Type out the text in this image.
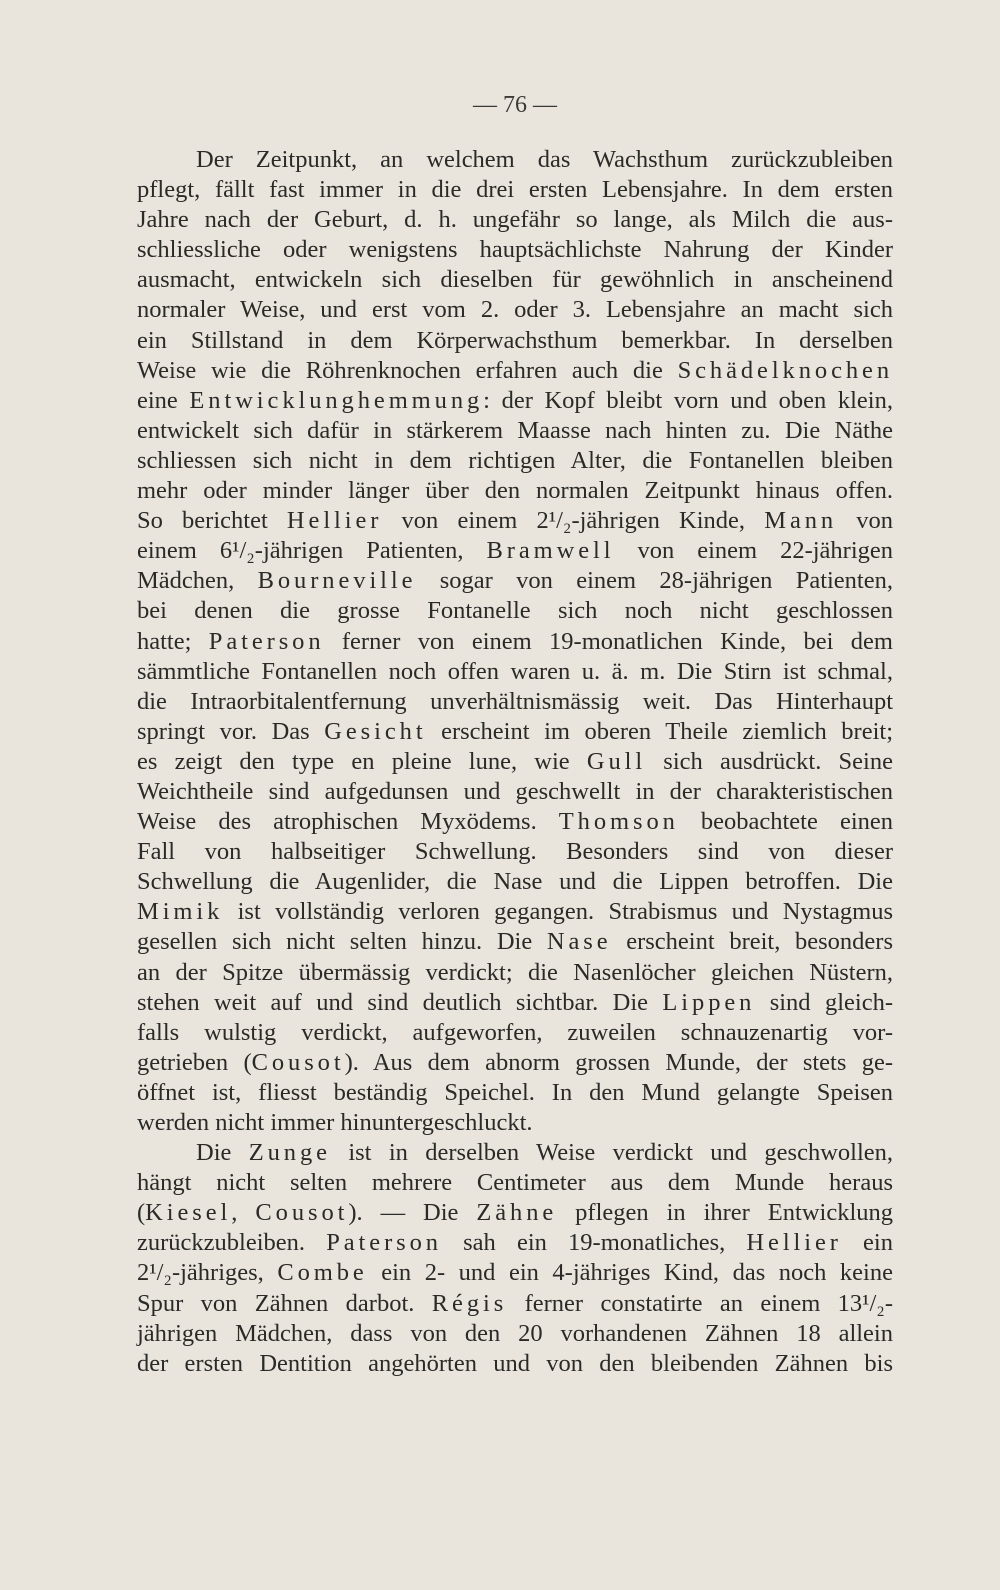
— 76 —
Der Zeitpunkt, an welchem das Wachsthum zurückzubleiben
pflegt, fällt fast immer in die drei ersten Lebensjahre. In dem ersten
Jahre nach der Geburt, d. h. ungefähr so lange, als Milch die aus-
schliessliche oder wenigstens hauptsächlichste Nahrung der Kinder
ausmacht, entwickeln sich dieselben für gewöhnlich in anscheinend
normaler Weise, und erst vom 2. oder 3. Lebensjahre an macht sich
ein Stillstand in dem Körperwachsthum bemerkbar. In derselben
Weise wie die Röhrenknochen erfahren auch die Schädelknochen
eine Entwicklunghemmung: der Kopf bleibt vorn und oben klein,
entwickelt sich dafür in stärkerem Maasse nach hinten zu. Die Näthe
schliessen sich nicht in dem richtigen Alter, die Fontanellen bleiben
mehr oder minder länger über den normalen Zeitpunkt hinaus offen.
So berichtet Hellier von einem 2¹/₂-jährigen Kinde, Mann von
einem 6¹/₂-jährigen Patienten, Bramwell von einem 22-jährigen
Mädchen, Bourneville sogar von einem 28-jährigen Patienten,
bei denen die grosse Fontanelle sich noch nicht geschlossen
hatte; Paterson ferner von einem 19-monatlichen Kinde, bei dem
sämmtliche Fontanellen noch offen waren u. ä. m. Die Stirn ist schmal,
die Intraorbitalentfernung unverhältnismässig weit. Das Hinterhaupt
springt vor. Das Gesicht erscheint im oberen Theile ziemlich breit;
es zeigt den type en pleine lune, wie Gull sich ausdrückt. Seine
Weichtheile sind aufgedunsen und geschwellt in der charakteristischen
Weise des atrophischen Myxödems. Thomson beobachtete einen
Fall von halbseitiger Schwellung. Besonders sind von dieser
Schwellung die Augenlider, die Nase und die Lippen betroffen. Die
Mimik ist vollständig verloren gegangen. Strabismus und Nystagmus
gesellen sich nicht selten hinzu. Die Nase erscheint breit, besonders
an der Spitze übermässig verdickt; die Nasenlöcher gleichen Nüstern,
stehen weit auf und sind deutlich sichtbar. Die Lippen sind gleich-
falls wulstig verdickt, aufgeworfen, zuweilen schnauzenartig vor-
getrieben (Cousot). Aus dem abnorm grossen Munde, der stets ge-
öffnet ist, fliesst beständig Speichel. In den Mund gelangte Speisen
werden nicht immer hinuntergeschluckt.
Die Zunge ist in derselben Weise verdickt und geschwollen,
hängt nicht selten mehrere Centimeter aus dem Munde heraus
(Kiesel, Cousot). — Die Zähne pflegen in ihrer Entwicklung
zurückzubleiben. Paterson sah ein 19-monatliches, Hellier ein
2¹/₂-jähriges, Combe ein 2- und ein 4-jähriges Kind, das noch keine
Spur von Zähnen darbot. Régis ferner constatirte an einem 13¹/₂-
jährigen Mädchen, dass von den 20 vorhandenen Zähnen 18 allein
der ersten Dentition angehörten und von den bleibenden Zähnen bis
